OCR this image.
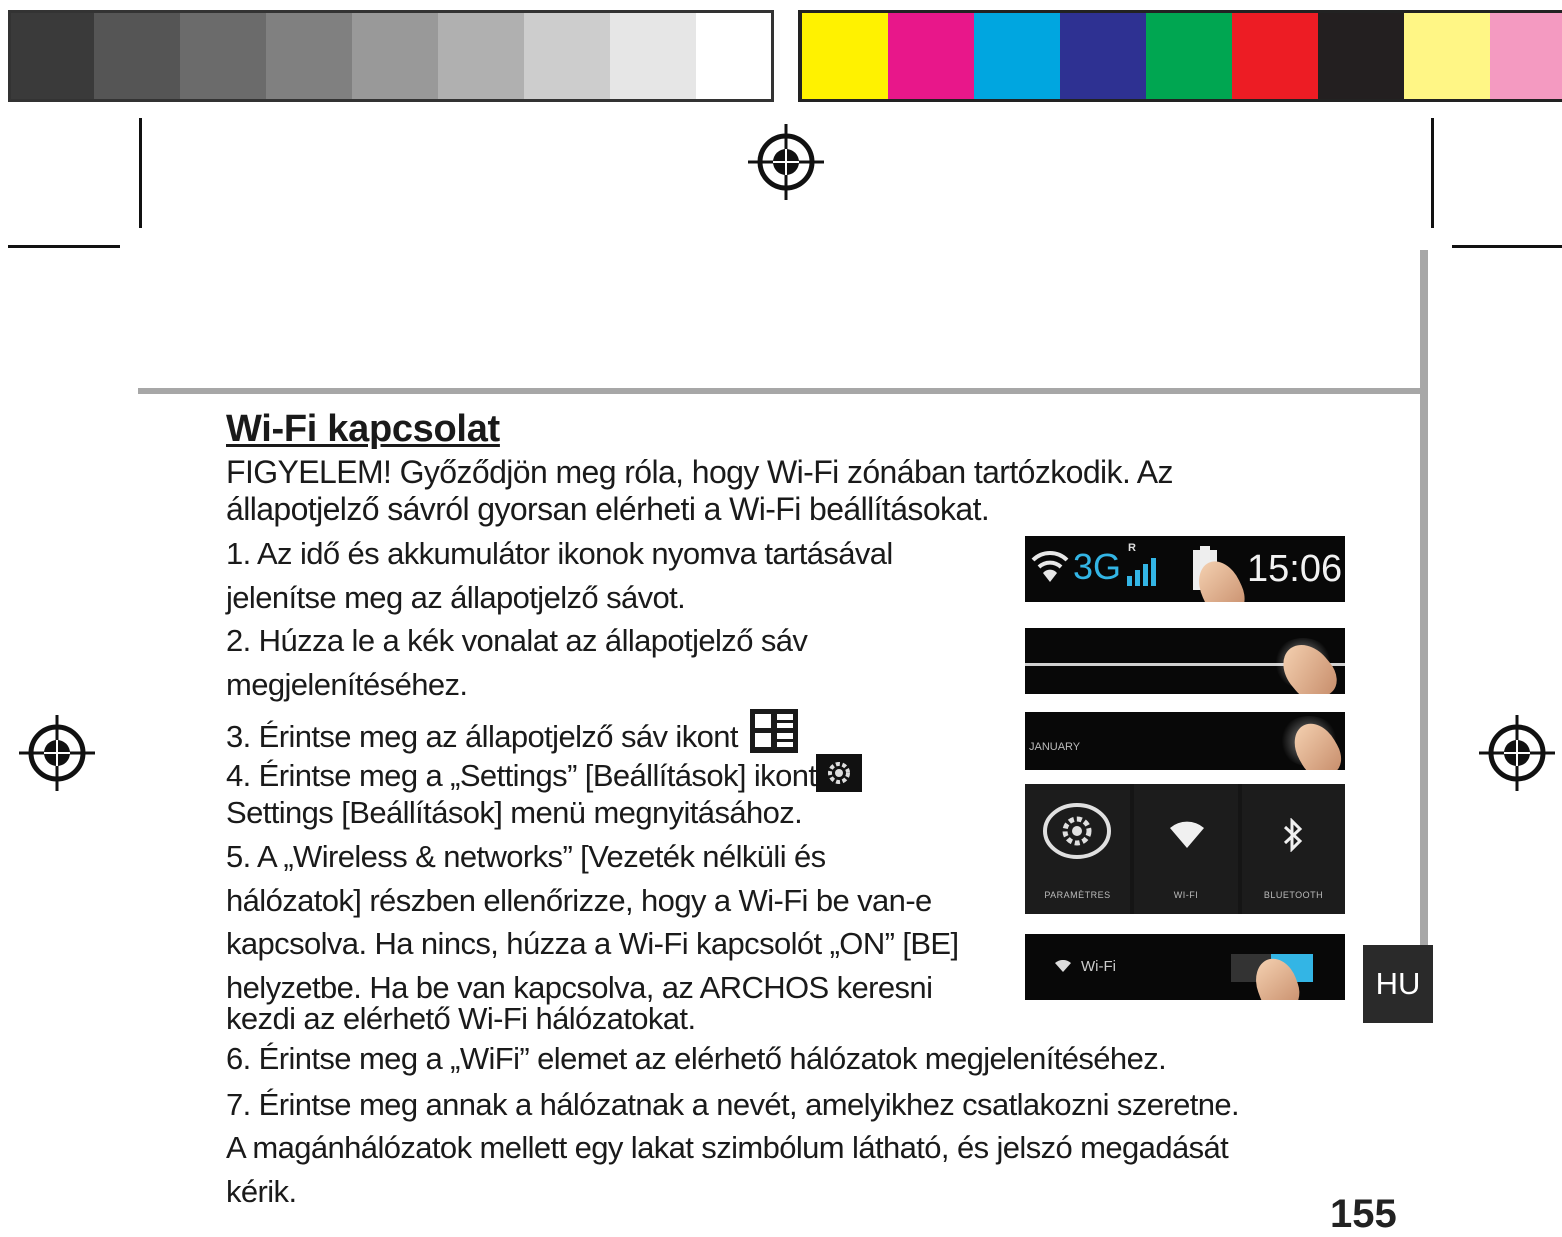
Wi-Fi kapcsolat
FIGYELEM! Győződjön meg róla, hogy Wi-Fi zónában tartózkodik. Az
állapotjelző sávról gyorsan elérheti a Wi-Fi beállításokat.
1. Az idő és akkumulátor ikonok nyomva tartásával
jelenítse meg az állapotjelző sávot.
2. Húzza le a kék vonalat az állapotjelző sáv
megjelenítéséhez.
3. Érintse meg az állapotjelző sáv ikont
4. Érintse meg a „Settings” [Beállítások] ikont
Settings [Beállítások] menü megnyitásához.
5. A „Wireless & networks” [Vezeték nélküli és
hálózatok] részben ellenőrizze, hogy a Wi-Fi be van-e
kapcsolva. Ha nincs, húzza a Wi-Fi kapcsolót „ON” [BE]
helyzetbe. Ha be van kapcsolva, az ARCHOS keresni
kezdi az elérhető Wi-Fi hálózatokat.
6. Érintse meg a „WiFi” elemet az elérhető hálózatok megjelenítéséhez.
7. Érintse meg annak a hálózatnak a nevét, amelyikhez csatlakozni szeretne.
A magánhálózatok mellett egy lakat szimbólum látható, és jelszó megadását
kérik.
3G R	15:06
JANUARY
PARAMÈTRES	WI-FI	BLUETOOTH
Wi-Fi	HU
155
